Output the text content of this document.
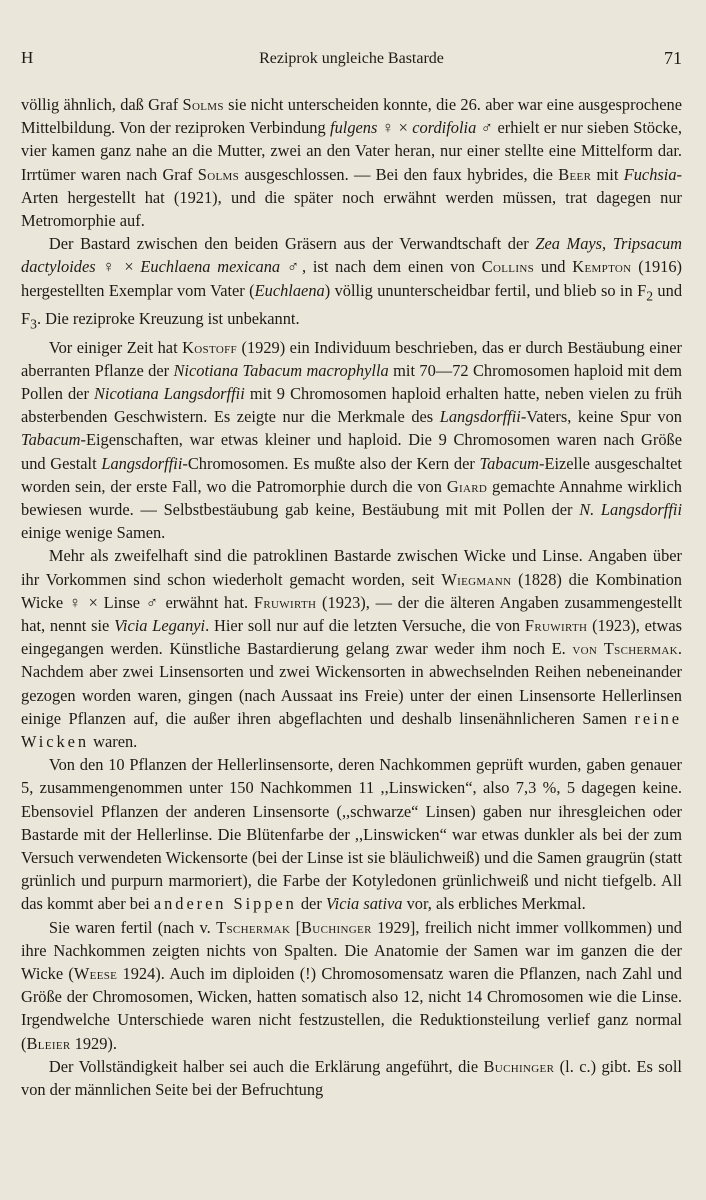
H	Reziprok ungleiche Bastarde	71

völlig ähnlich, daß Graf Solms sie nicht unterscheiden konnte, die 26. aber war eine ausgesprochene Mittelbildung. Von der reziproken Verbindung fulgens ♀ × cordifolia ♂ erhielt er nur sieben Stöcke, vier kamen ganz nahe an die Mutter, zwei an den Vater heran, nur einer stellte eine Mittelform dar. Irrtümer waren nach Graf Solms ausgeschlossen. — Bei den faux hybrides, die Beer mit Fuchsia-Arten hergestellt hat (1921), und die später noch erwähnt werden müssen, trat dagegen nur Metromorphie auf.

Der Bastard zwischen den beiden Gräsern aus der Verwandtschaft der Zea Mays, Tripsacum dactyloides ♀ × Euchlaena mexicana ♂, ist nach dem einen von Collins und Kempton (1916) hergestellten Exemplar vom Vater (Euchlaena) völlig ununterscheidbar fertil, und blieb so in $F_2$ und $F_3$. Die reziproke Kreuzung ist unbekannt.

Vor einiger Zeit hat Kostoff (1929) ein Individuum beschrieben, das er durch Bestäubung einer aberranten Pflanze der Nicotiana Tabacum macrophylla mit 70—72 Chromosomen haploid mit dem Pollen der Nicotiana Langsdorffii mit 9 Chromosomen haploid erhalten hatte, neben vielen zu früh absterbenden Geschwistern. Es zeigte nur die Merkmale des Langsdorffii-Vaters, keine Spur von Tabacum-Eigenschaften, war etwas kleiner und haploid. Die 9 Chromosomen waren nach Größe und Gestalt Langsdorffii-Chromosomen. Es mußte also der Kern der Tabacum-Eizelle ausgeschaltet worden sein, der erste Fall, wo die Patromorphie durch die von Giard gemachte Annahme wirklich bewiesen wurde. — Selbstbestäubung gab keine, Bestäubung mit mit Pollen der N. Langsdorffii einige wenige Samen.

Mehr als zweifelhaft sind die patroklinen Bastarde zwischen Wicke und Linse. Angaben über ihr Vorkommen sind schon wiederholt gemacht worden, seit Wiegmann (1828) die Kombination Wicke ♀ × Linse ♂ erwähnt hat. Fruwirth (1923), — der die älteren Angaben zusammengestellt hat, nennt sie Vicia Leganyi. Hier soll nur auf die letzten Versuche, die von Fruwirth (1923), etwas eingegangen werden. Künstliche Bastardierung gelang zwar weder ihm noch E. von Tschermak. Nachdem aber zwei Linsensorten und zwei Wickensorten in abwechselnden Reihen nebeneinander gezogen worden waren, gingen (nach Aussaat ins Freie) unter der einen Linsensorte Hellerlinsen einige Pflanzen auf, die außer ihren abgeflachten und deshalb linsenähnlicheren Samen reine Wicken waren.

Von den 10 Pflanzen der Hellerlinsensorte, deren Nachkommen geprüft wurden, gaben genauer 5, zusammengenommen unter 150 Nachkommen 11 ,,Linswicken“, also 7,3 %, 5 dagegen keine. Ebensoviel Pflanzen der anderen Linsensorte (,,schwarze“ Linsen) gaben nur ihresgleichen oder Bastarde mit der Hellerlinse. Die Blütenfarbe der ,,Linswicken“ war etwas dunkler als bei der zum Versuch verwendeten Wickensorte (bei der Linse ist sie bläulichweiß) und die Samen graugrün (statt grünlich und purpurn marmoriert), die Farbe der Kotyledonen grünlichweiß und nicht tiefgelb. All das kommt aber bei anderen Sippen der Vicia sativa vor, als erbliches Merkmal.

Sie waren fertil (nach v. Tschermak [Buchinger 1929], freilich nicht immer vollkommen) und ihre Nachkommen zeigten nichts von Spalten. Die Anatomie der Samen war im ganzen die der Wicke (Weese 1924). Auch im diploiden (!) Chromosomensatz waren die Pflanzen, nach Zahl und Größe der Chromosomen, Wicken, hatten somatisch also 12, nicht 14 Chromosomen wie die Linse. Irgendwelche Unterschiede waren nicht festzustellen, die Reduktionsteilung verlief ganz normal (Bleier 1929).

Der Vollständigkeit halber sei auch die Erklärung angeführt, die Buchinger (l. c.) gibt. Es soll von der männlichen Seite bei der Befruchtung
